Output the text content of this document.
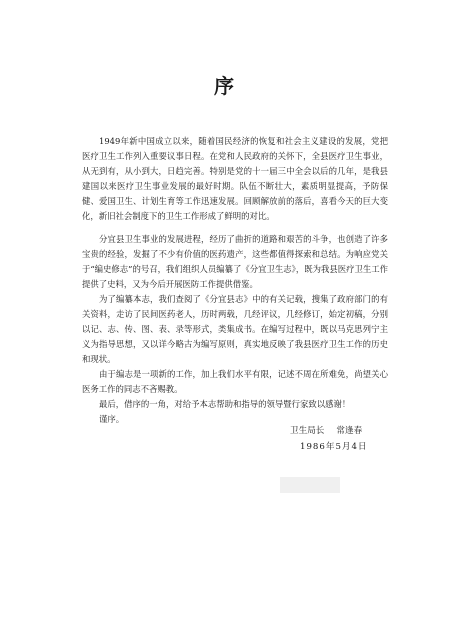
序

1949年新中国成立以来，随着国民经济的恢复和社会主义建设的发展，党把医疗卫生工作列入重要议事日程。在党和人民政府的关怀下，全县医疗卫生事业，从无到有，从小到大，日趋完善。特别是党的十一届三中全会以后的几年，是我县建国以来医疗卫生事业发展的最好时期。队伍不断壮大，素质明显提高，予防保健、爱国卫生、计划生育等工作迅速发展。回顾解放前的落后，喜看今天的巨大变化，新旧社会制度下的卫生工作形成了鲜明的对比。

分宜县卫生事业的发展进程，经历了曲折的道路和艰苦的斗争，也创造了许多宝贵的经验，发掘了不少有价值的医药遗产，这些都值得探索和总结。为响应党关于“编史修志”的号召，我们组织人员编纂了《分宜卫生志》，既为我县医疗卫生工作提供了史料，又为今后开展医防工作提供借鉴。

为了编纂本志，我们查阅了《分宜县志》中的有关记载，搜集了政府部门的有关资料，走访了民间医药老人，历时两载，几经评议，几经修订，始定初稿，分别以记、志、传、图、表、录等形式，类集成书。在编写过程中，既以马克思列宁主义为指导思想，又以详今略古为编写原则，真实地反映了我县医疗卫生工作的历史和现状。

由于编志是一项新的工作，加上我们水平有限，记述不周在所难免，尚望关心医务工作的同志不吝赐教。

最后，借序的一角，对给予本志帮助和指导的领导暨行家致以感谢！

谨序。

卫生局长 常逢春
1986年5月4日
